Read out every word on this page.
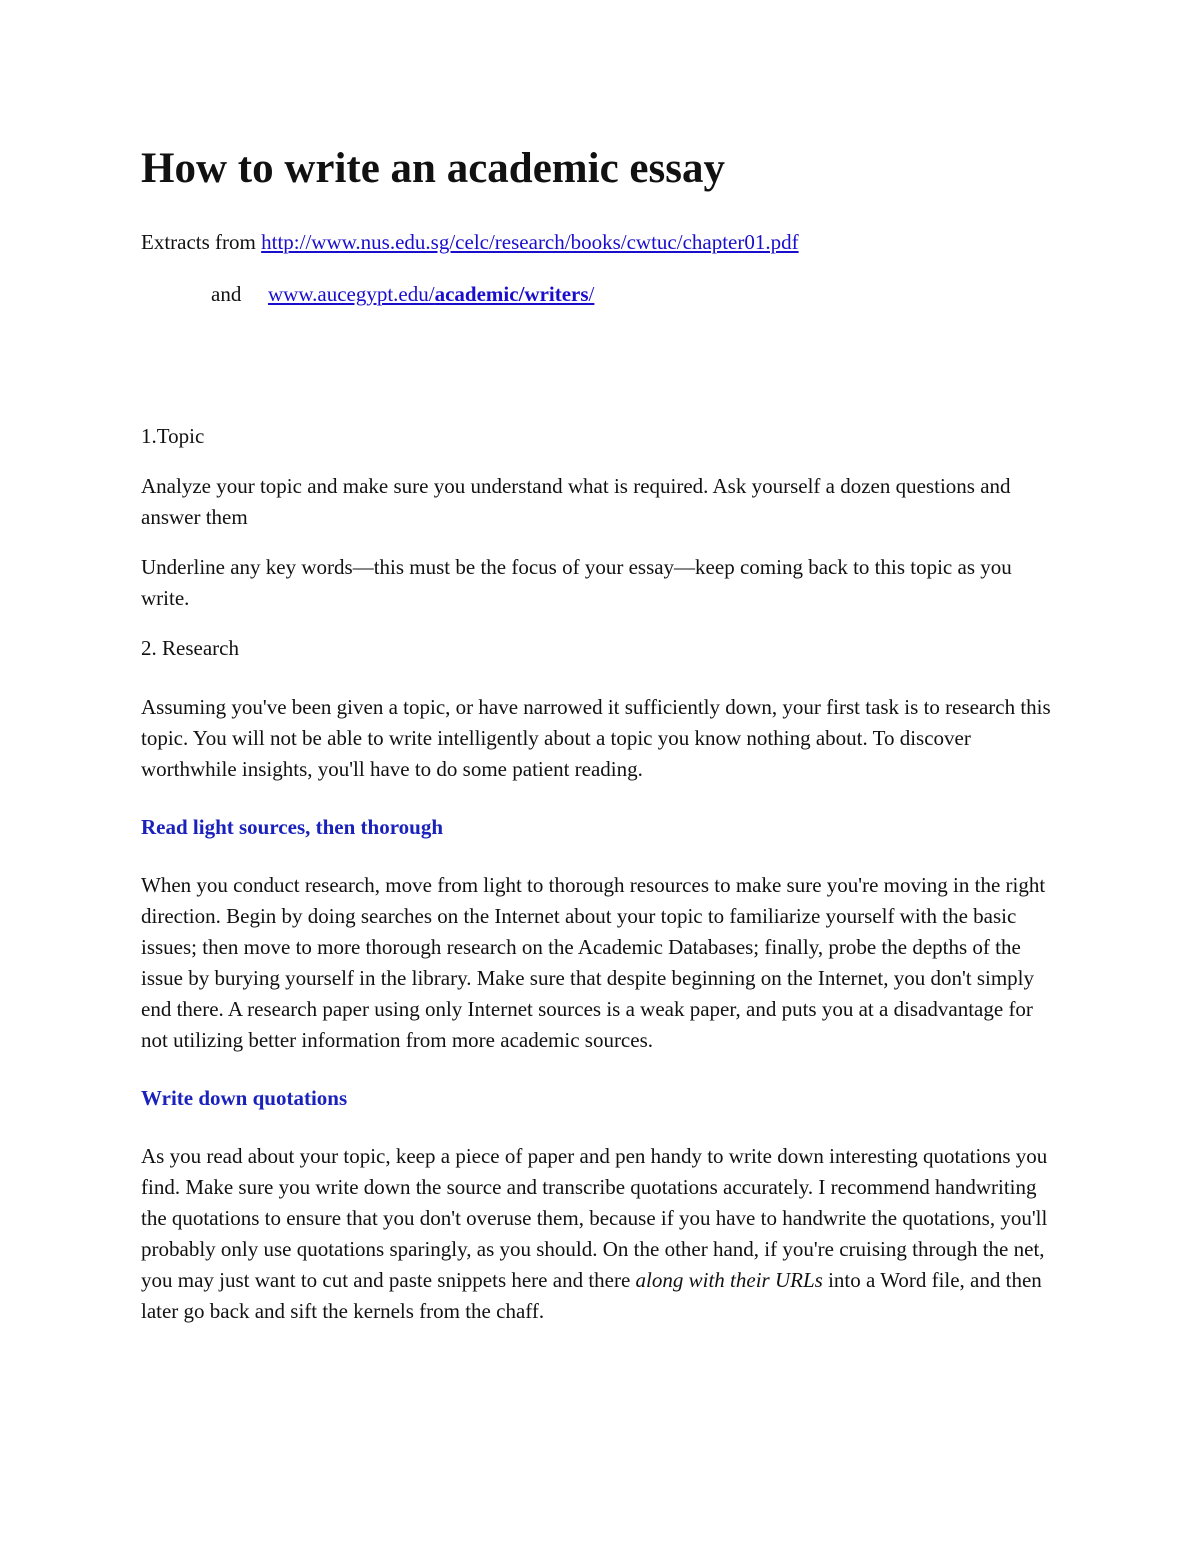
How to write an academic essay

Extracts from http://www.nus.edu.sg/celc/research/books/cwtuc/chapter01.pdf

and www.aucegypt.edu/academic/writers/

1.Topic

Analyze your topic and make sure you understand what is required. Ask yourself a dozen questions and answer them

Underline any key words—this must be the focus of your essay—keep coming back to this topic as you write.

2. Research

Assuming you've been given a topic, or have narrowed it sufficiently down, your first task is to research this topic. You will not be able to write intelligently about a topic you know nothing about. To discover worthwhile insights, you'll have to do some patient reading.

Read light sources, then thorough

When you conduct research, move from light to thorough resources to make sure you're moving in the right direction. Begin by doing searches on the Internet about your topic to familiarize yourself with the basic issues; then move to more thorough research on the Academic Databases; finally, probe the depths of the issue by burying yourself in the library. Make sure that despite beginning on the Internet, you don't simply end there. A research paper using only Internet sources is a weak paper, and puts you at a disadvantage for not utilizing better information from more academic sources.

Write down quotations

As you read about your topic, keep a piece of paper and pen handy to write down interesting quotations you find. Make sure you write down the source and transcribe quotations accurately. I recommend handwriting the quotations to ensure that you don't overuse them, because if you have to handwrite the quotations, you'll probably only use quotations sparingly, as you should. On the other hand, if you're cruising through the net, you may just want to cut and paste snippets here and there along with their URLs into a Word file, and then later go back and sift the kernels from the chaff.
